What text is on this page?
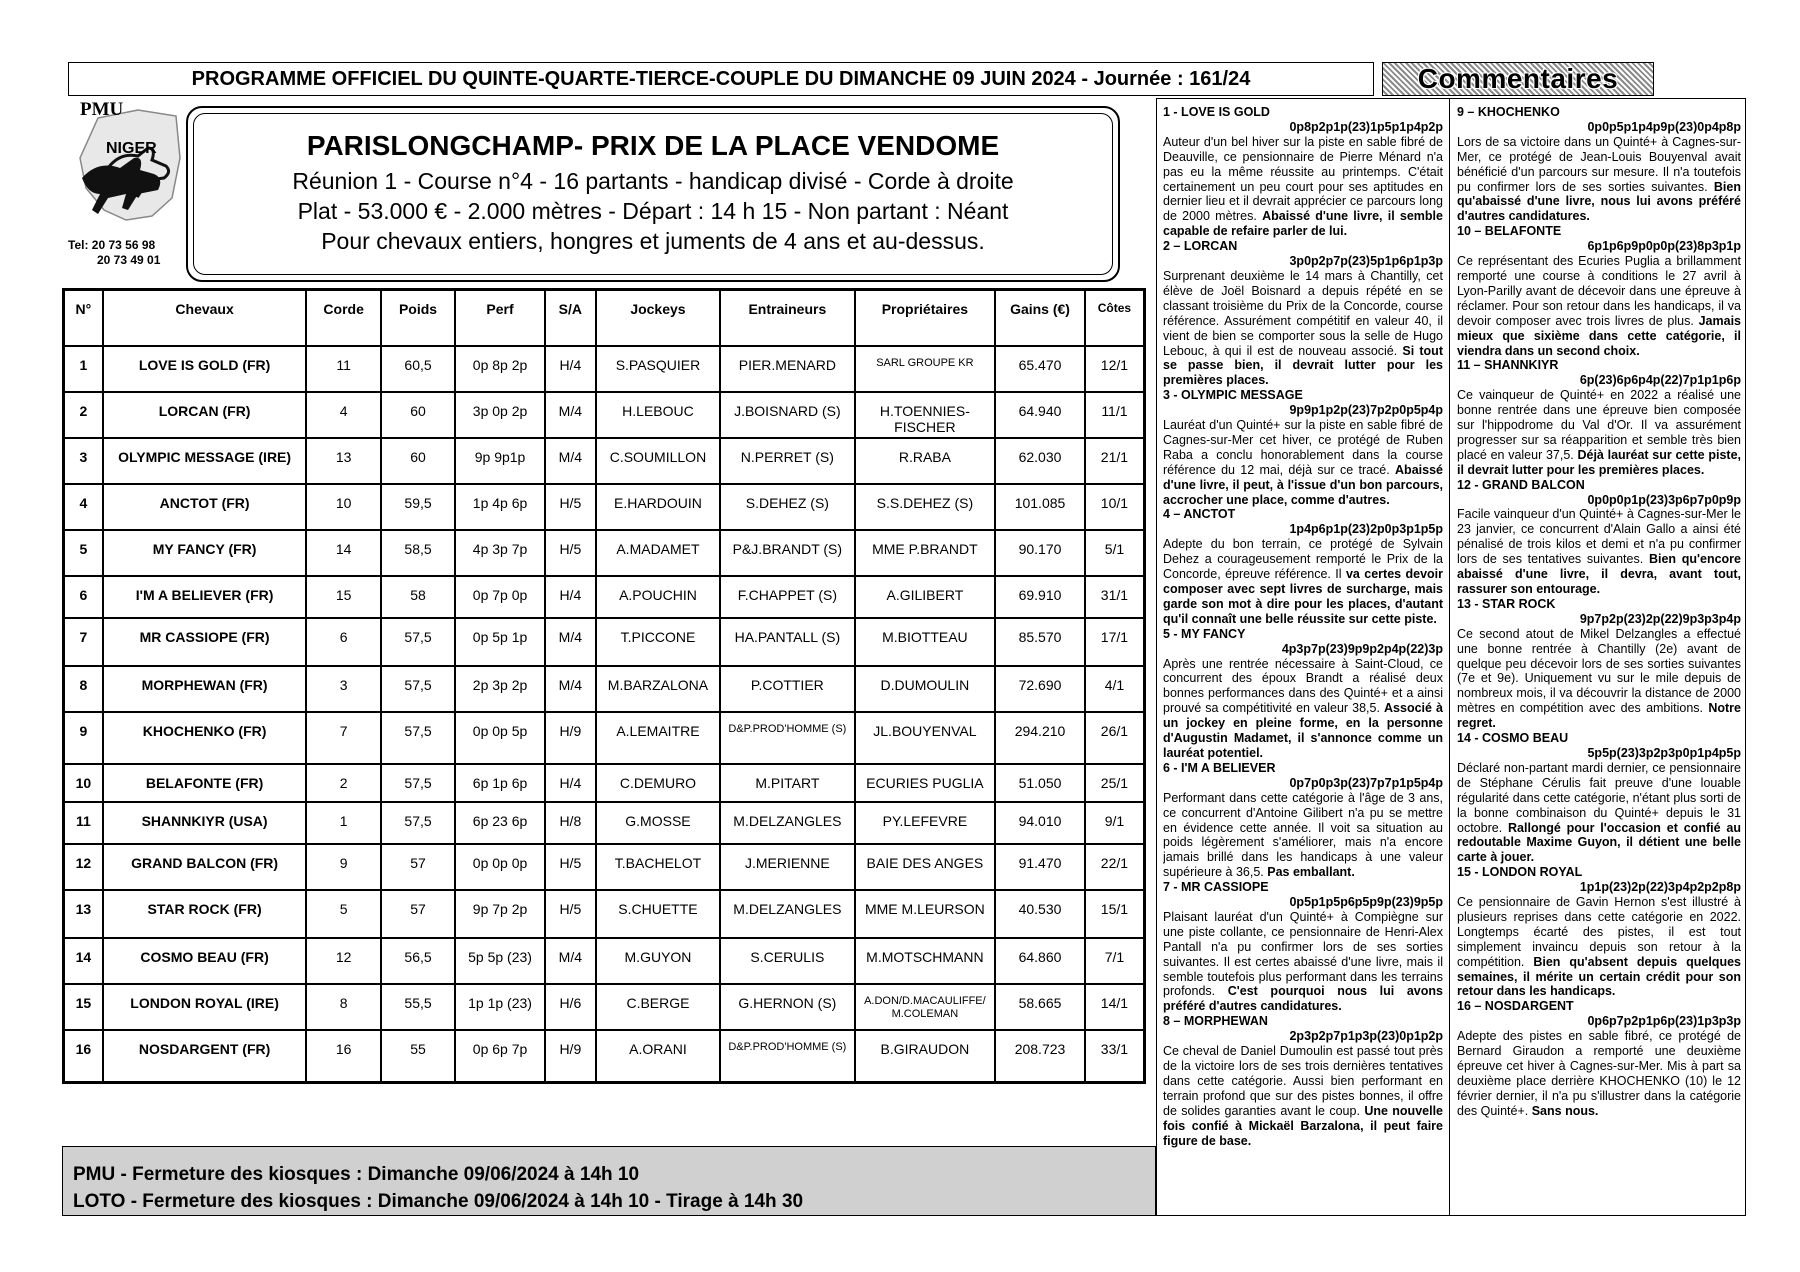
PROGRAMME OFFICIEL DU QUINTE-QUARTE-TIERCE-COUPLE DU DIMANCHE 09 JUIN 2024 - Journée : 161/24	Commentaires
PMU
NIGER
Tel: 20 73 56 98
20 73 49 01
PARISLONGCHAMP- PRIX DE LA PLACE VENDOME
Réunion 1 - Course n°4 - 16 partants - handicap divisé - Corde à droite
Plat - 53.000 € - 2.000 mètres - Départ : 14 h 15 - Non partant : Néant
Pour chevaux entiers, hongres et juments de 4 ans et au-dessus.
N°	Chevaux	Corde	Poids	Perf	S/A	Jockeys	Entraineurs	Propriétaires	Gains (€)	Côtes
1	LOVE IS GOLD (FR)	11	60,5	0p 8p 2p	H/4	S.PASQUIER	PIER.MENARD	SARL GROUPE KR	65.470	12/1
2	LORCAN (FR)	4	60	3p 0p 2p	M/4	H.LEBOUC	J.BOISNARD (S)	H.TOENNIES-FISCHER	64.940	11/1
3	OLYMPIC MESSAGE (IRE)	13	60	9p 9p1p	M/4	C.SOUMILLON	N.PERRET (S)	R.RABA	62.030	21/1
4	ANCTOT (FR)	10	59,5	1p 4p 6p	H/5	E.HARDOUIN	S.DEHEZ (S)	S.S.DEHEZ (S)	101.085	10/1
5	MY FANCY (FR)	14	58,5	4p 3p 7p	H/5	A.MADAMET	P&J.BRANDT (S)	MME P.BRANDT	90.170	5/1
6	I'M A BELIEVER (FR)	15	58	0p 7p 0p	H/4	A.POUCHIN	F.CHAPPET (S)	A.GILIBERT	69.910	31/1
7	MR CASSIOPE (FR)	6	57,5	0p 5p 1p	M/4	T.PICCONE	HA.PANTALL (S)	M.BIOTTEAU	85.570	17/1
8	MORPHEWAN (FR)	3	57,5	2p 3p 2p	M/4	M.BARZALONA	P.COTTIER	D.DUMOULIN	72.690	4/1
9	KHOCHENKO (FR)	7	57,5	0p 0p 5p	H/9	A.LEMAITRE	D&P.PROD'HOMME (S)	JL.BOUYENVAL	294.210	26/1
10	BELAFONTE (FR)	2	57,5	6p 1p 6p	H/4	C.DEMURO	M.PITART	ECURIES PUGLIA	51.050	25/1
11	SHANNKIYR (USA)	1	57,5	6p 23 6p	H/8	G.MOSSE	M.DELZANGLES	PY.LEFEVRE	94.010	9/1
12	GRAND BALCON (FR)	9	57	0p 0p 0p	H/5	T.BACHELOT	J.MERIENNE	BAIE DES ANGES	91.470	22/1
13	STAR ROCK (FR)	5	57	9p 7p 2p	H/5	S.CHUETTE	M.DELZANGLES	MME M.LEURSON	40.530	15/1
14	COSMO BEAU (FR)	12	56,5	5p 5p (23)	M/4	M.GUYON	S.CERULIS	M.MOTSCHMANN	64.860	7/1
15	LONDON ROYAL (IRE)	8	55,5	1p 1p (23)	H/6	C.BERGE	G.HERNON (S)	A.DON/D.MACAULIFFE/ M.COLEMAN	58.665	14/1
16	NOSDARGENT (FR)	16	55	0p 6p 7p	H/9	A.ORANI	D&P.PROD'HOMME (S)	B.GIRAUDON	208.723	33/1
PMU - Fermeture des kiosques : Dimanche 09/06/2024 à 14h 10
LOTO - Fermeture des kiosques : Dimanche 09/06/2024 à 14h 10 - Tirage à 14h 30
1 - LOVE IS GOLD
0p8p2p1p(23)1p5p1p4p2p
Auteur d'un bel hiver sur la piste en sable fibré de Deauville, ce pensionnaire de Pierre Ménard n'a pas eu la même réussite au printemps. C'était certainement un peu court pour ses aptitudes en dernier lieu et il devrait apprécier ce parcours long de 2000 mètres. Abaissé d'une livre, il semble capable de refaire parler de lui.
2 – LORCAN
3p0p2p7p(23)5p1p6p1p3p
Surprenant deuxième le 14 mars à Chantilly, cet élève de Joël Boisnard a depuis répété en se classant troisième du Prix de la Concorde, course référence. Assurément compétitif en valeur 40, il vient de bien se comporter sous la selle de Hugo Lebouc, à qui il est de nouveau associé. Si tout se passe bien, il devrait lutter pour les premières places.
3 - OLYMPIC MESSAGE
9p9p1p2p(23)7p2p0p5p4p
Lauréat d'un Quinté+ sur la piste en sable fibré de Cagnes-sur-Mer cet hiver, ce protégé de Ruben Raba a conclu honorablement dans la course référence du 12 mai, déjà sur ce tracé. Abaissé d'une livre, il peut, à l'issue d'un bon parcours, accrocher une place, comme d'autres.
4 – ANCTOT
1p4p6p1p(23)2p0p3p1p5p
Adepte du bon terrain, ce protégé de Sylvain Dehez a courageusement remporté le Prix de la Concorde, épreuve référence. Il va certes devoir composer avec sept livres de surcharge, mais garde son mot à dire pour les places, d'autant qu'il connaît une belle réussite sur cette piste.
5 - MY FANCY
4p3p7p(23)9p9p2p4p(22)3p
Après une rentrée nécessaire à Saint-Cloud, ce concurrent des époux Brandt a réalisé deux bonnes performances dans des Quinté+ et a ainsi prouvé sa compétitivité en valeur 38,5. Associé à un jockey en pleine forme, en la personne d'Augustin Madamet, il s'annonce comme un lauréat potentiel.
6 - I'M A BELIEVER
0p7p0p3p(23)7p7p1p5p4p
Performant dans cette catégorie à l'âge de 3 ans, ce concurrent d'Antoine Gilibert n'a pu se mettre en évidence cette année. Il voit sa situation au poids légèrement s'améliorer, mais n'a encore jamais brillé dans les handicaps à une valeur supérieure à 36,5. Pas emballant.
7 - MR CASSIOPE
0p5p1p5p6p5p9p(23)9p5p
Plaisant lauréat d'un Quinté+ à Compiègne sur une piste collante, ce pensionnaire de Henri-Alex Pantall n'a pu confirmer lors de ses sorties suivantes. Il est certes abaissé d'une livre, mais il semble toutefois plus performant dans les terrains profonds. C'est pourquoi nous lui avons préféré d'autres candidatures.
8 – MORPHEWAN
2p3p2p7p1p3p(23)0p1p2p
Ce cheval de Daniel Dumoulin est passé tout près de la victoire lors de ses trois dernières tentatives dans cette catégorie. Aussi bien performant en terrain profond que sur des pistes bonnes, il offre de solides garanties avant le coup. Une nouvelle fois confié à Mickaël Barzalona, il peut faire figure de base.
9 – KHOCHENKO
0p0p5p1p4p9p(23)0p4p8p
Lors de sa victoire dans un Quinté+ à Cagnes-sur-Mer, ce protégé de Jean-Louis Bouyenval avait bénéficié d'un parcours sur mesure. Il n'a toutefois pu confirmer lors de ses sorties suivantes. Bien qu'abaissé d'une livre, nous lui avons préféré d'autres candidatures.
10 – BELAFONTE
6p1p6p9p0p0p(23)8p3p1p
Ce représentant des Ecuries Puglia a brillamment remporté une course à conditions le 27 avril à Lyon-Parilly avant de décevoir dans une épreuve à réclamer. Pour son retour dans les handicaps, il va devoir composer avec trois livres de plus. Jamais mieux que sixième dans cette catégorie, il viendra dans un second choix.
11 – SHANNKIYR
6p(23)6p6p4p(22)7p1p1p6p
Ce vainqueur de Quinté+ en 2022 a réalisé une bonne rentrée dans une épreuve bien composée sur l'hippodrome du Val d'Or. Il va assurément progresser sur sa réapparition et semble très bien placé en valeur 37,5. Déjà lauréat sur cette piste, il devrait lutter pour les premières places.
12 - GRAND BALCON
0p0p0p1p(23)3p6p7p0p9p
Facile vainqueur d'un Quinté+ à Cagnes-sur-Mer le 23 janvier, ce concurrent d'Alain Gallo a ainsi été pénalisé de trois kilos et demi et n'a pu confirmer lors de ses tentatives suivantes. Bien qu'encore abaissé d'une livre, il devra, avant tout, rassurer son entourage.
13 - STAR ROCK
9p7p2p(23)2p(22)9p3p3p4p
Ce second atout de Mikel Delzangles a effectué une bonne rentrée à Chantilly (2e) avant de quelque peu décevoir lors de ses sorties suivantes (7e et 9e). Uniquement vu sur le mile depuis de nombreux mois, il va découvrir la distance de 2000 mètres en compétition avec des ambitions. Notre regret.
14 - COSMO BEAU
5p5p(23)3p2p3p0p1p4p5p
Déclaré non-partant mardi dernier, ce pensionnaire de Stéphane Cérulis fait preuve d'une louable régularité dans cette catégorie, n'étant plus sorti de la bonne combinaison du Quinté+ depuis le 31 octobre. Rallongé pour l'occasion et confié au redoutable Maxime Guyon, il détient une belle carte à jouer.
15 - LONDON ROYAL
1p1p(23)2p(22)3p4p2p2p8p
Ce pensionnaire de Gavin Hernon s'est illustré à plusieurs reprises dans cette catégorie en 2022. Longtemps écarté des pistes, il est tout simplement invaincu depuis son retour à la compétition. Bien qu'absent depuis quelques semaines, il mérite un certain crédit pour son retour dans les handicaps.
16 – NOSDARGENT
0p6p7p2p1p6p(23)1p3p3p
Adepte des pistes en sable fibré, ce protégé de Bernard Giraudon a remporté une deuxième épreuve cet hiver à Cagnes-sur-Mer. Mis à part sa deuxième place derrière KHOCHENKO (10) le 12 février dernier, il n'a pu s'illustrer dans la catégorie des Quinté+. Sans nous.
